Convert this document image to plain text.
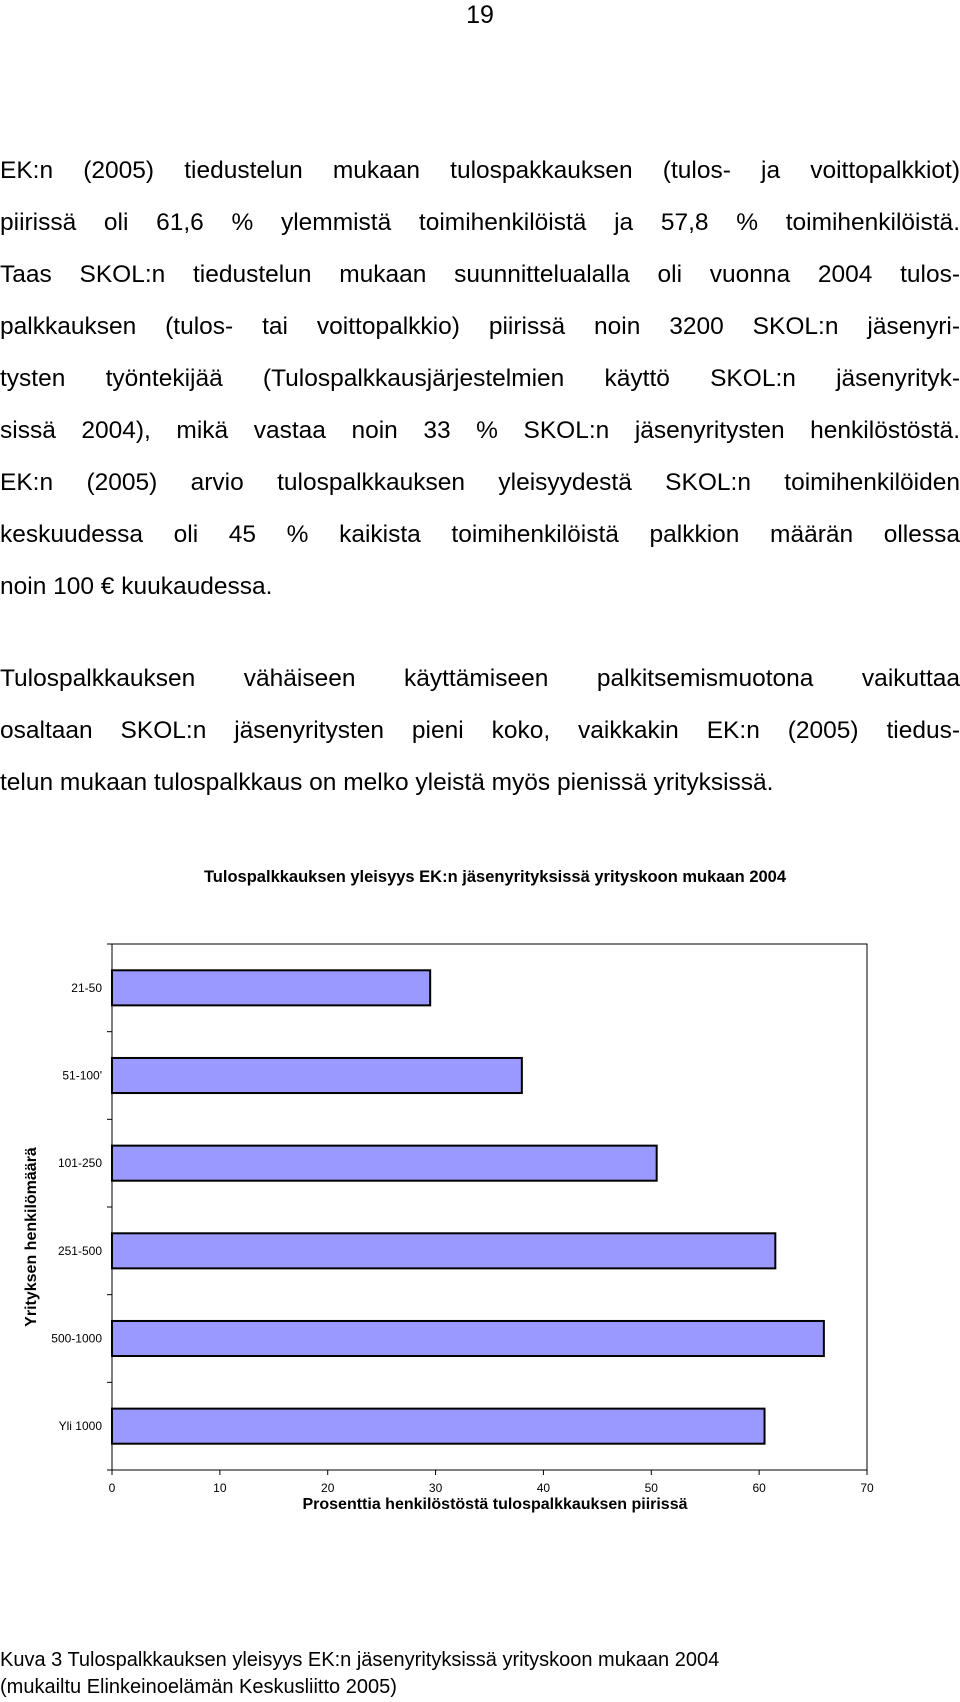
19

EK:n (2005) tiedustelun mukaan tulospakkauksen (tulos- ja voittopalkkiot)
piirissä oli 61,6 % ylemmistä toimihenkilöistä ja 57,8 % toimihenkilöistä.
Taas SKOL:n tiedustelun mukaan suunnittelualalla oli vuonna 2004 tulos-
palkkauksen (tulos- tai voittopalkkio) piirissä noin 3200 SKOL:n jäsenyri-
tysten työntekijää (Tulospalkkausjärjestelmien käyttö SKOL:n jäsenyrityk-
sissä 2004), mikä vastaa noin 33 % SKOL:n jäsenyritysten henkilöstöstä.
EK:n (2005) arvio tulospalkkauksen yleisyydestä SKOL:n toimihenkilöiden
keskuudessa oli 45 % kaikista toimihenkilöistä palkkion määrän ollessa
noin 100 € kuukaudessa.

Tulospalkkauksen vähäiseen käyttämiseen palkitsemismuotona vaikuttaa
osaltaan SKOL:n jäsenyritysten pieni koko, vaikkakin EK:n (2005) tiedus-
telun mukaan tulospalkkaus on melko yleistä myös pienissä yrityksissä.

Tulospalkkauksen yleisyys EK:n jäsenyrityksissä yrityskoon mukaan 2004
21-50
51-100'
101-250
251-500
500-1000
Yli 1000
0	10	20	30	40	50	60	70
Prosenttia henkilöstöstä tulospalkkauksen piirissä
Yrityksen henkilömäärä
Kuva 3 Tulospalkkauksen yleisyys EK:n jäsenyrityksissä yrityskoon mukaan 2004
(mukailtu Elinkeinoelämän Keskusliitto 2005)
